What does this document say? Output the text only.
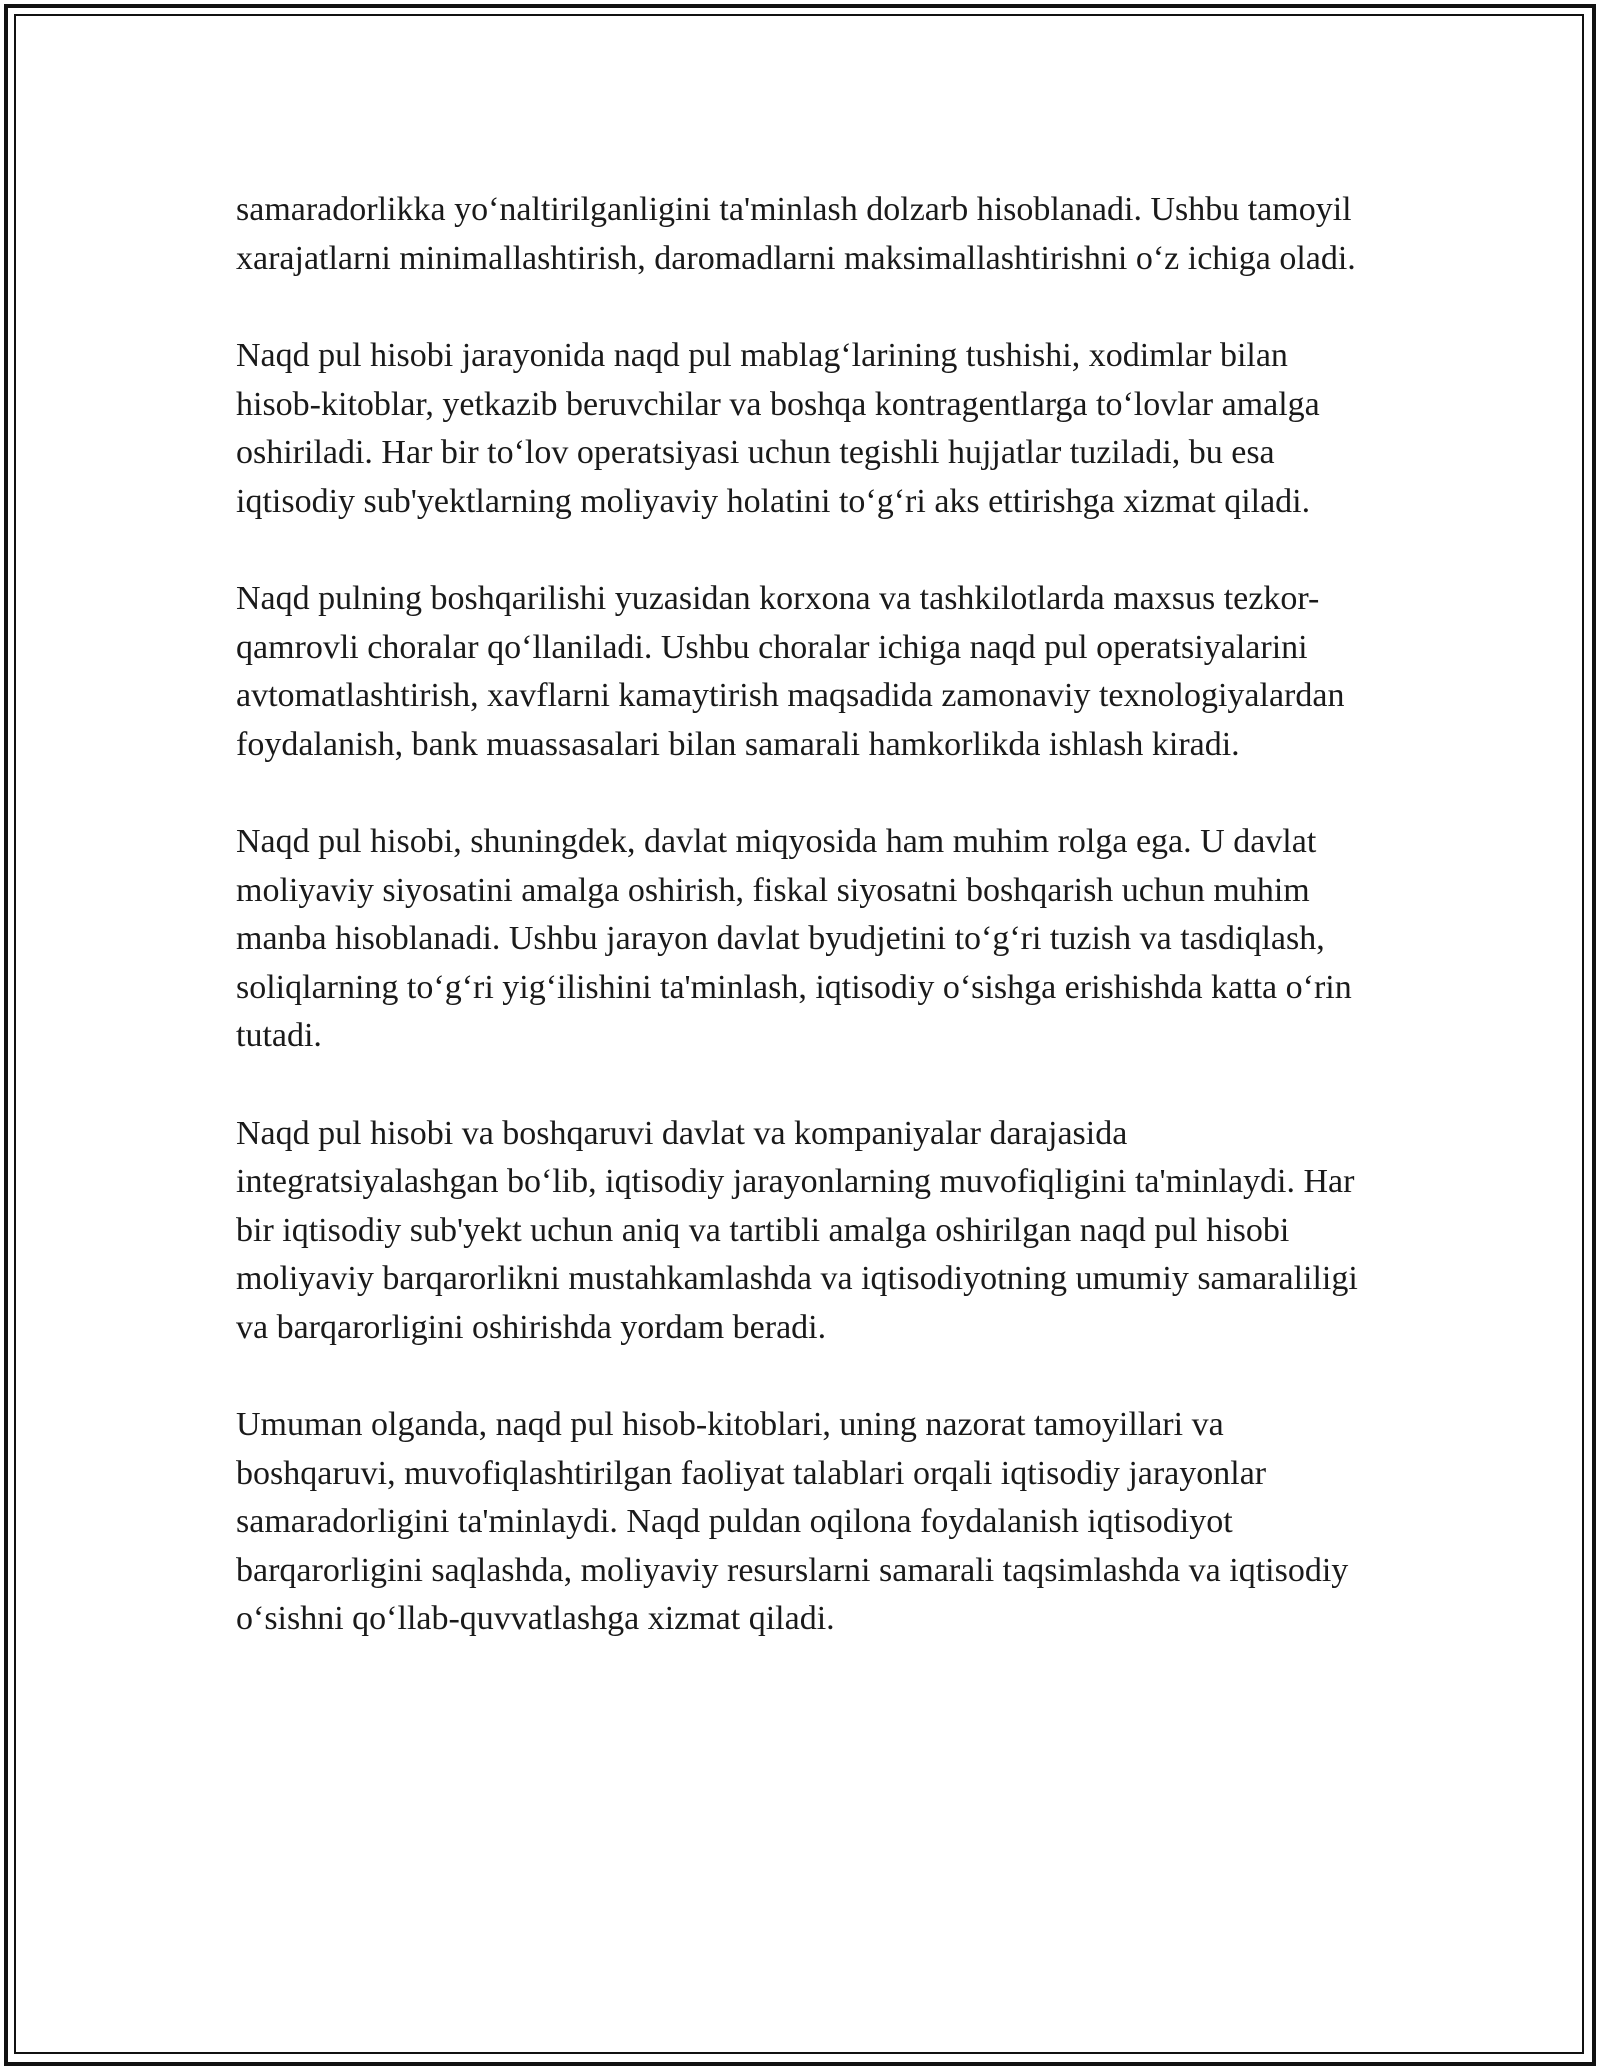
samaradorlikka yo‘naltirilganligini ta'minlash dolzarb hisoblanadi. Ushbu tamoyil xarajatlarni minimallashtirish, daromadlarni maksimallashtirishni o‘z ichiga oladi.

Naqd pul hisobi jarayonida naqd pul mablag‘larining tushishi, xodimlar bilan hisob-kitoblar, yetkazib beruvchilar va boshqa kontragentlarga to‘lovlar amalga oshiriladi. Har bir to‘lov operatsiyasi uchun tegishli hujjatlar tuziladi, bu esa iqtisodiy sub'yektlarning moliyaviy holatini to‘g‘ri aks ettirishga xizmat qiladi.

Naqd pulning boshqarilishi yuzasidan korxona va tashkilotlarda maxsus tezkor-qamrovli choralar qo‘llaniladi. Ushbu choralar ichiga naqd pul operatsiyalarini avtomatlashtirish, xavflarni kamaytirish maqsadida zamonaviy texnologiyalardan foydalanish, bank muassasalari bilan samarali hamkorlikda ishlash kiradi.

Naqd pul hisobi, shuningdek, davlat miqyosida ham muhim rolga ega. U davlat moliyaviy siyosatini amalga oshirish, fiskal siyosatni boshqarish uchun muhim manba hisoblanadi. Ushbu jarayon davlat byudjetini to‘g‘ri tuzish va tasdiqlash, soliqlarning to‘g‘ri yig‘ilishini ta'minlash, iqtisodiy o‘sishga erishishda katta o‘rin tutadi.

Naqd pul hisobi va boshqaruvi davlat va kompaniyalar darajasida integratsiyalashgan bo‘lib, iqtisodiy jarayonlarning muvofiqligini ta'minlaydi. Har bir iqtisodiy sub'yekt uchun aniq va tartibli amalga oshirilgan naqd pul hisobi moliyaviy barqarorlikni mustahkamlashda va iqtisodiyotning umumiy samaraliligi va barqarorligini oshirishda yordam beradi.

Umuman olganda, naqd pul hisob-kitoblari, uning nazorat tamoyillari va boshqaruvi, muvofiqlashtirilgan faoliyat talablari orqali iqtisodiy jarayonlar samaradorligini ta'minlaydi. Naqd puldan oqilona foydalanish iqtisodiyot barqarorligini saqlashda, moliyaviy resurslarni samarali taqsimlashda va iqtisodiy o‘sishni qo‘llab-quvvatlashga xizmat qiladi.
